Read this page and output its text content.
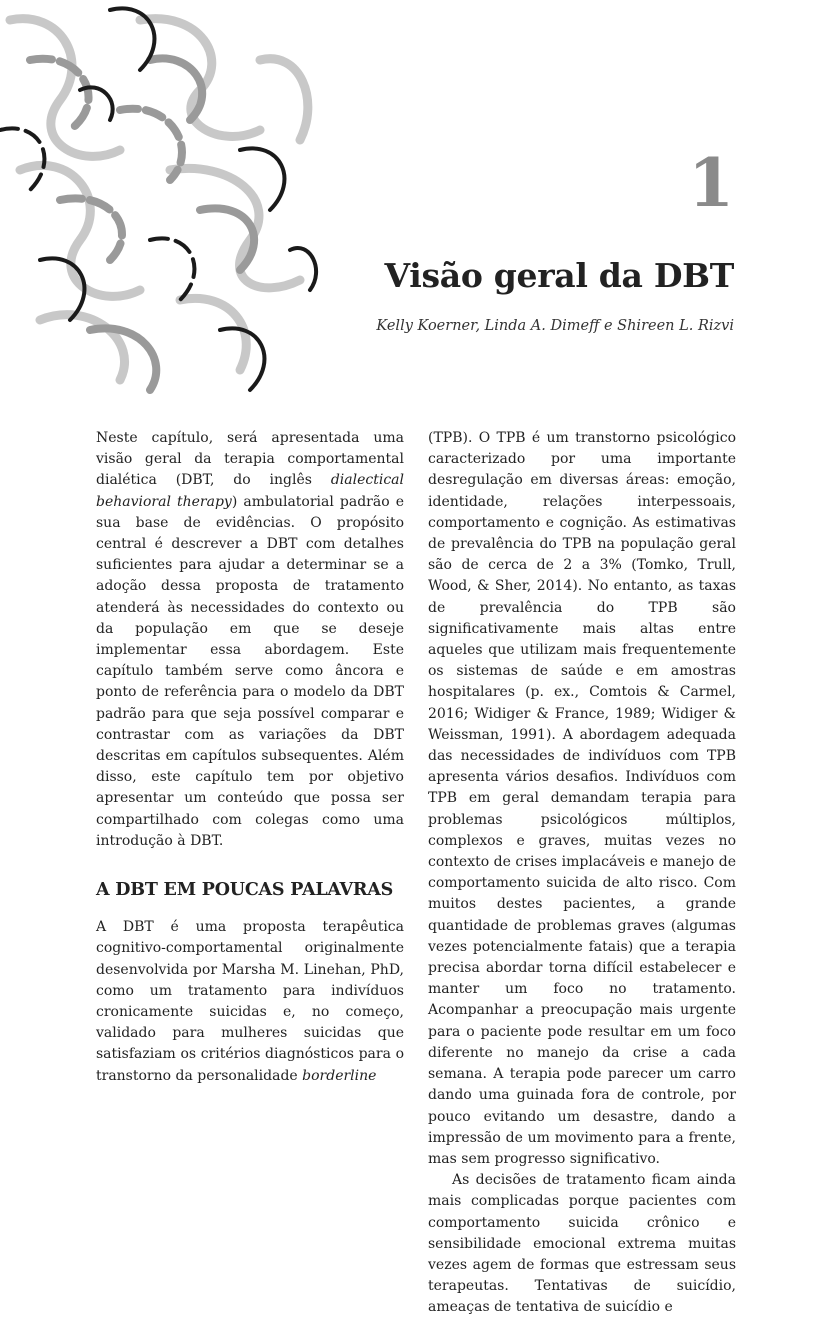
1
Visão geral da DBT
Kelly Koerner, Linda A. Dimeff e Shireen L. Rizvi

Neste capítulo, será apresentada uma visão geral da terapia comportamental dialética (DBT, do inglês dialectical behavioral therapy) ambulatorial padrão e sua base de evidências. O propósito central é descrever a DBT com detalhes suficientes para ajudar a determinar se a adoção dessa proposta de tratamento atenderá às necessidades do contexto ou da população em que se deseje implementar essa abordagem. Este capítulo também serve como âncora e ponto de referência para o modelo da DBT padrão para que seja possível comparar e contrastar com as variações da DBT descritas em capítulos subsequentes. Além disso, este capítulo tem por objetivo apresentar um conteúdo que possa ser compartilhado com colegas como uma introdução à DBT.

A DBT EM POUCAS PALAVRAS

A DBT é uma proposta terapêutica cognitivo-comportamental originalmente desenvolvida por Marsha M. Linehan, PhD, como um tratamento para indivíduos cronicamente suicidas e, no começo, validado para mulheres suicidas que satisfaziam os critérios diagnósticos para o transtorno da personalidade borderline

(TPB). O TPB é um transtorno psicológico caracterizado por uma importante desregulação em diversas áreas: emoção, identidade, relações interpessoais, comportamento e cognição. As estimativas de prevalência do TPB na população geral são de cerca de 2 a 3% (Tomko, Trull, Wood, & Sher, 2014). No entanto, as taxas de prevalência do TPB são significativamente mais altas entre aqueles que utilizam mais frequentemente os sistemas de saúde e em amostras hospitalares (p. ex., Comtois & Carmel, 2016; Widiger & France, 1989; Widiger & Weissman, 1991). A abordagem adequada das necessidades de indivíduos com TPB apresenta vários desafios. Indivíduos com TPB em geral demandam terapia para problemas psicológicos múltiplos, complexos e graves, muitas vezes no contexto de crises implacáveis e manejo de comportamento suicida de alto risco. Com muitos destes pacientes, a grande quantidade de problemas graves (algumas vezes potencialmente fatais) que a terapia precisa abordar torna difícil estabelecer e manter um foco no tratamento. Acompanhar a preocupação mais urgente para o paciente pode resultar em um foco diferente no manejo da crise a cada semana. A terapia pode parecer um carro dando uma guinada fora de controle, por pouco evitando um desastre, dando a impressão de um movimento para a frente, mas sem progresso significativo.

As decisões de tratamento ficam ainda mais complicadas porque pacientes com comportamento suicida crônico e sensibilidade emocional extrema muitas vezes agem de formas que estressam seus terapeutas. Tentativas de suicídio, ameaças de tentativa de suicídio e
